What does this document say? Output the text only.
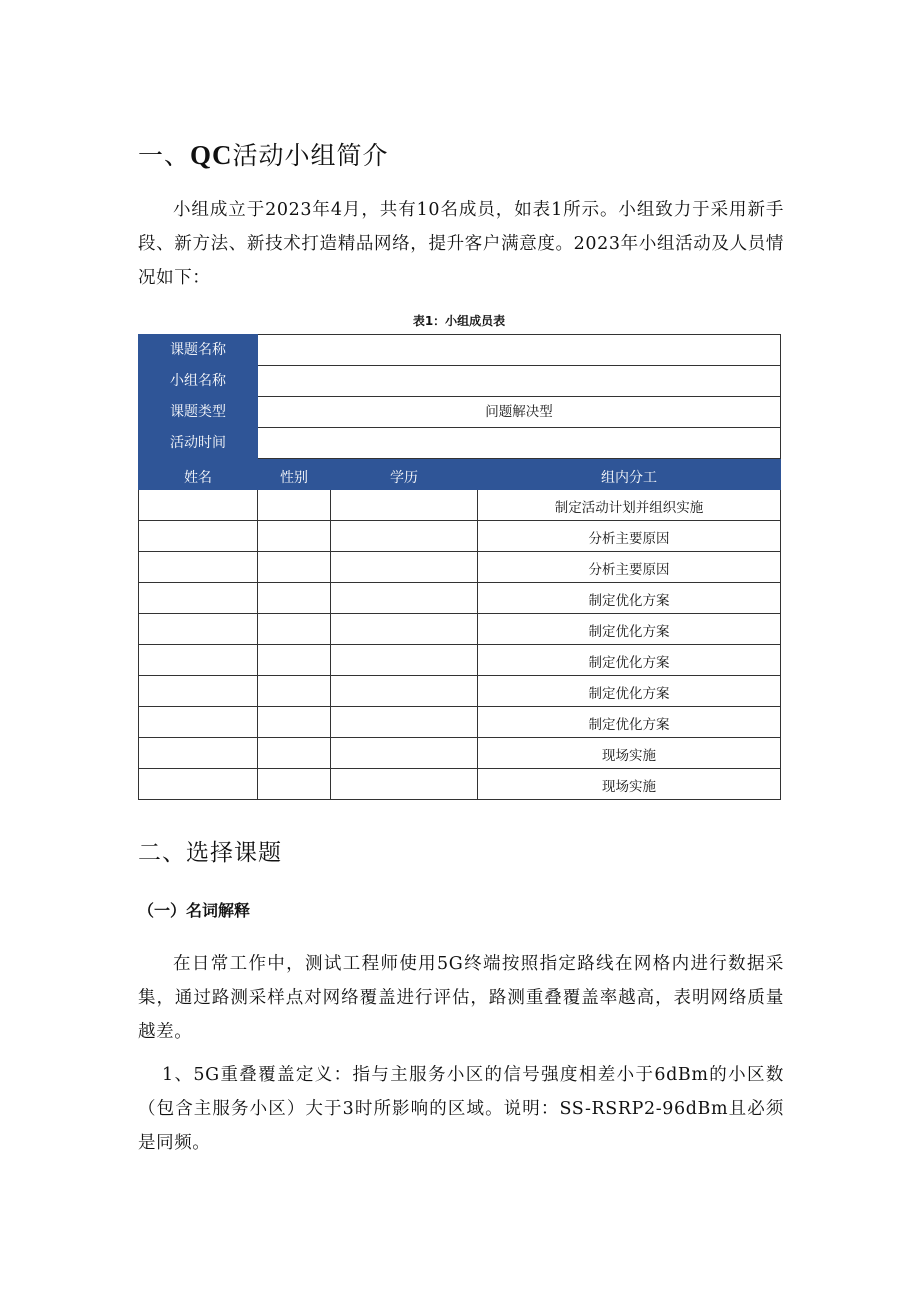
一、QC活动小组简介

小组成立于2023年4月，共有10名成员，如表1所示。小组致力于采用新手段、新方法、新技术打造精品网络，提升客户满意度。2023年小组活动及人员情况如下：

表1：小组成员表
课题名称			
小组名称			
课题类型	问题解决型		
活动时间			
姓名	性别	学历	组内分工
			制定活动计划并组织实施
			分析主要原因
			分析主要原因
			制定优化方案
			制定优化方案
			制定优化方案
			制定优化方案
			制定优化方案
			现场实施
			现场实施
二、选择课题
（一）名词解释

在日常工作中，测试工程师使用5G终端按照指定路线在网格内进行数据采集，通过路测采样点对网络覆盖进行评估，路测重叠覆盖率越高，表明网络质量越差。

1、5G重叠覆盖定义：指与主服务小区的信号强度相差小于6dBm的小区数（包含主服务小区）大于3时所影响的区域。说明：SS-RSRP2-96dBm且必须是同频。
